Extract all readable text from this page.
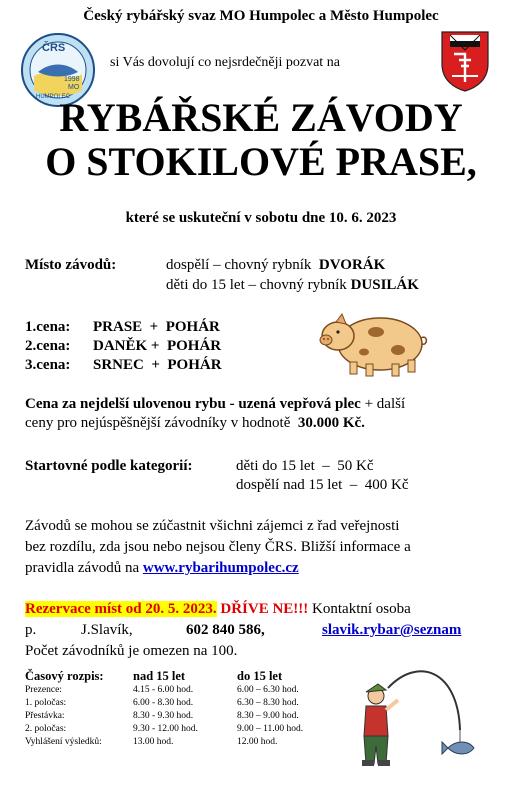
Český rybářský svaz MO Humpolec a Město Humpolec
ČRS
1998
MO
HUMPOLEC
si Vás dovolují co nejsrdečněji pozvat na
RYBÁŘSKÉ ZÁVODY
O STOKILOVÉ PRASE,
které se uskuteční v sobotu dne 10. 6. 2023
Místo závodů:	dospělí – chovný rybník DVORÁK
děti do 15 let – chovný rybník DUSILÁK
1.cena: PRASE  +  POHÁR
2.cena: DANĚK +  POHÁR
3.cena: SRNEC  +  POHÁR
Cena za nejdelší ulovenou rybu - uzená vepřová plec + další
ceny pro nejúspěšnější závodníky v hodnotě 30.000 Kč.
Startovné podle kategorií:	děti do 15 let  –  50 Kč
dospělí nad 15 let  –  400 Kč
Závodů se mohou se zúčastnit všichni zájemci z řad veřejnosti
bez rozdílu, zda jsou nebo nejsou členy ČRS. Bližší informace a
pravidla závodů na www.rybarihumpolec.cz
Rezervace míst od 20. 5. 2023. DŘÍVE NE!!! Kontaktní osoba
p.	J.Slavík,	602 840 586,	slavik.rybar@seznam
Počet závodníků je omezen na 100.
Časový rozpis:	nad 15 let	do 15 let
Prezence:	4.15 - 6.00 hod.	6.00 – 6.30 hod.
1. poločas:	6.00 - 8.30 hod.	6.30 – 8.30 hod.
Přestávka:	8.30 - 9.30 hod.	8.30 – 9.00 hod.
2. poločas:	9.30 - 12.00 hod.	9.00 – 11.00 hod.
Vyhlášení výsledků:	13.00 hod.	12.00 hod.
